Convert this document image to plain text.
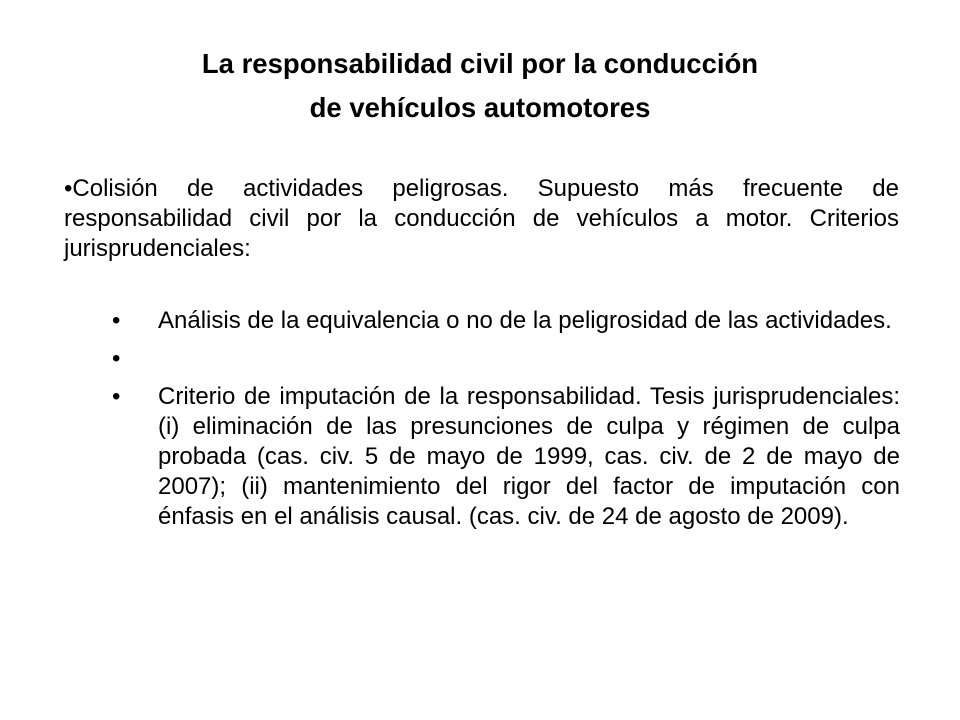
La responsabilidad civil por la conducción
de vehículos automotores

•Colisión de actividades peligrosas. Supuesto más frecuente de responsabilidad civil por la conducción de vehículos a motor. Criterios jurisprudenciales:

• Análisis de la equivalencia o no de la peligrosidad de las actividades.
•
• Criterio de imputación de la responsabilidad. Tesis jurisprudenciales: (i) eliminación de las presunciones de culpa y régimen de culpa probada (cas. civ. 5 de mayo de 1999, cas. civ. de 2 de mayo de 2007); (ii) mantenimiento del rigor del factor de imputación con énfasis en el análisis causal. (cas. civ. de 24 de agosto de 2009).
